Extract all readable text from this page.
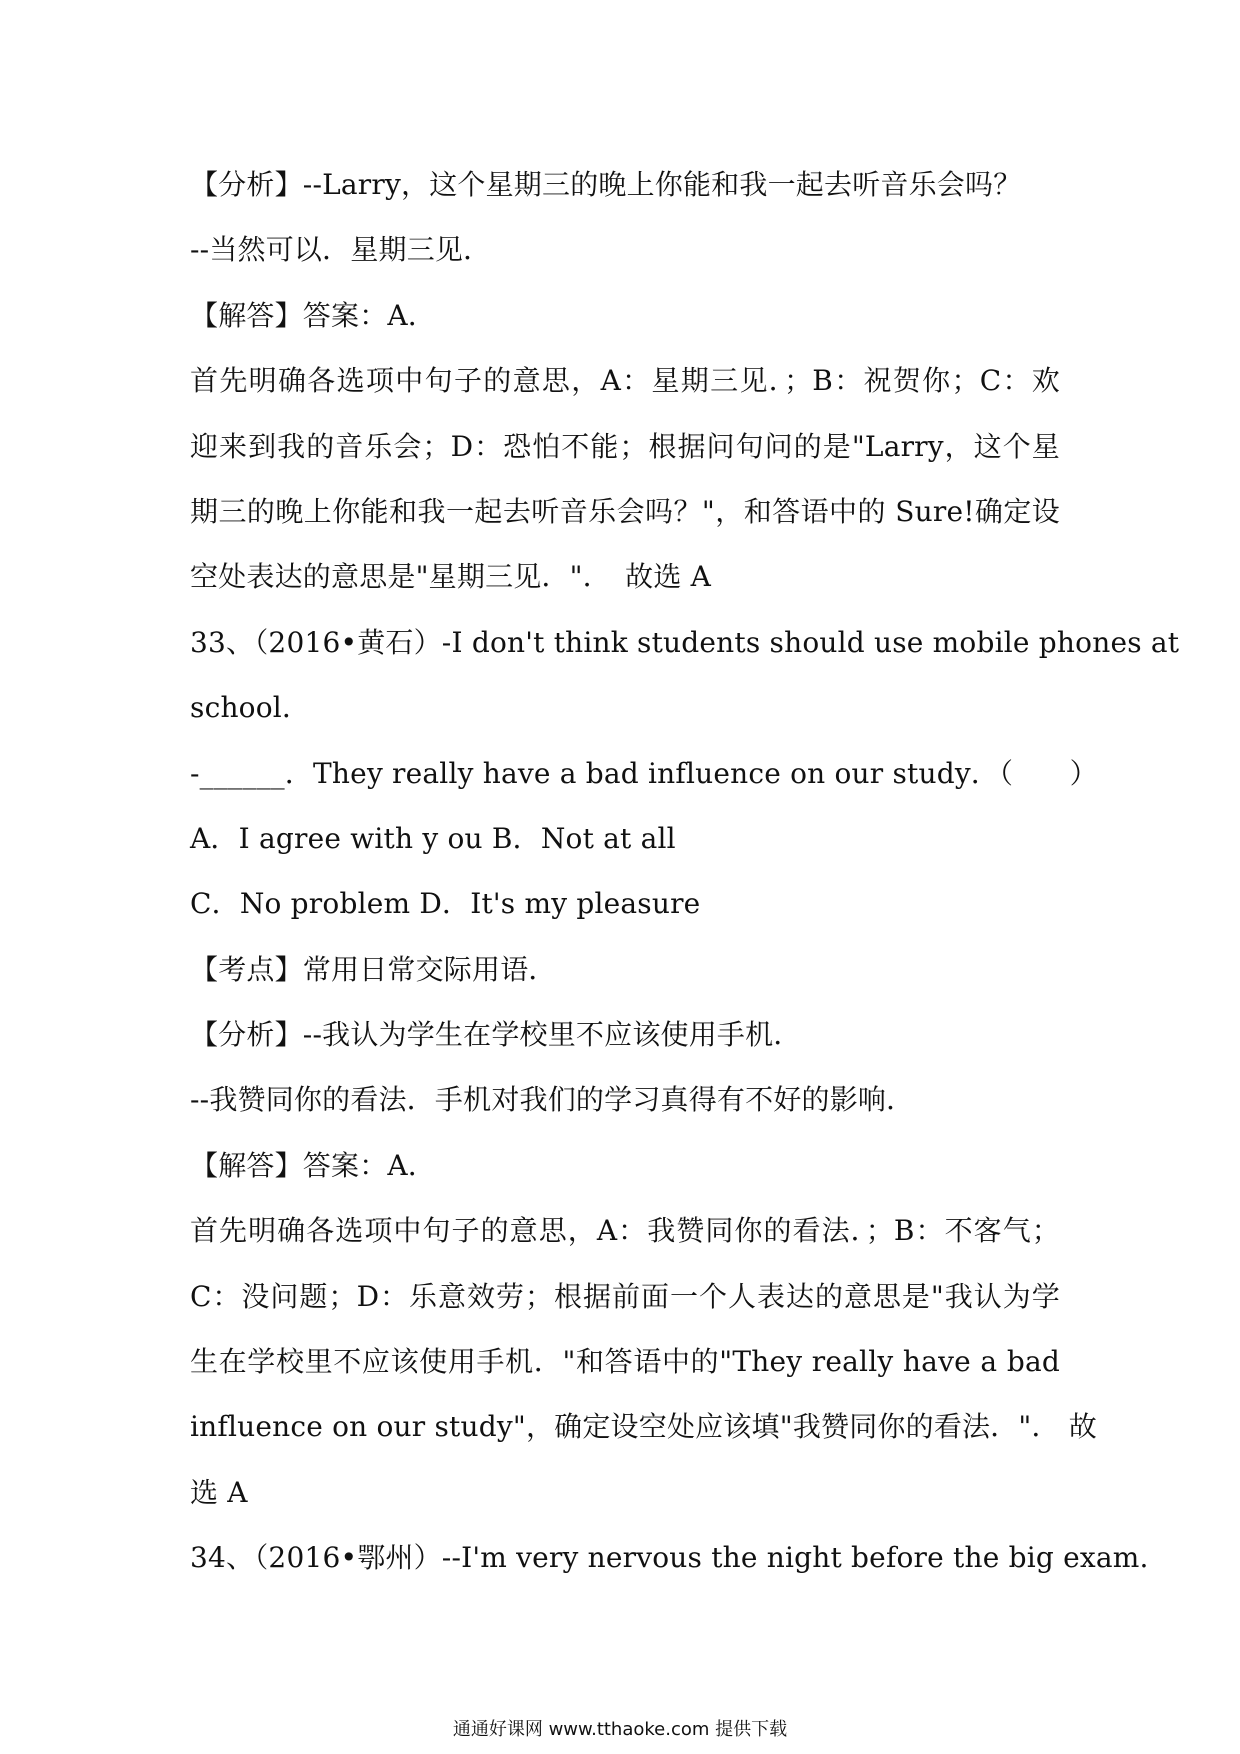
【分析】--Larry，这个星期三的晚上你能和我一起去听音乐会吗？
--当然可以．星期三见．
【解答】答案：A．
首先明确各选项中句子的意思，A：星期三见．；B：祝贺你；C：欢
迎来到我的音乐会；D：恐怕不能；根据问句问的是"Larry，这个星
期三的晚上你能和我一起去听音乐会吗？"，和答语中的 Sure!确定设
空处表达的意思是"星期三见．"．　故选 A
33、（2016•黄石）-I don't think students should use mobile phones at
school．
-______．They really have a bad influence on our study．（　　）
A．I agree with y ou B．Not at all
C．No problem D．It's my pleasure
【考点】常用日常交际用语．
【分析】--我认为学生在学校里不应该使用手机．
--我赞同你的看法．手机对我们的学习真得有不好的影响．
【解答】答案：A．
首先明确各选项中句子的意思，A：我赞同你的看法．；B：不客气；
C：没问题；D：乐意效劳；根据前面一个人表达的意思是"我认为学
生在学校里不应该使用手机．"和答语中的"They really have a bad
influence on our study"，确定设空处应该填"我赞同你的看法．"． 故
选 A
34、（2016•鄂州）--I'm very nervous the night before the big exam.
通通好课网 www.tthaoke.com 提供下载
